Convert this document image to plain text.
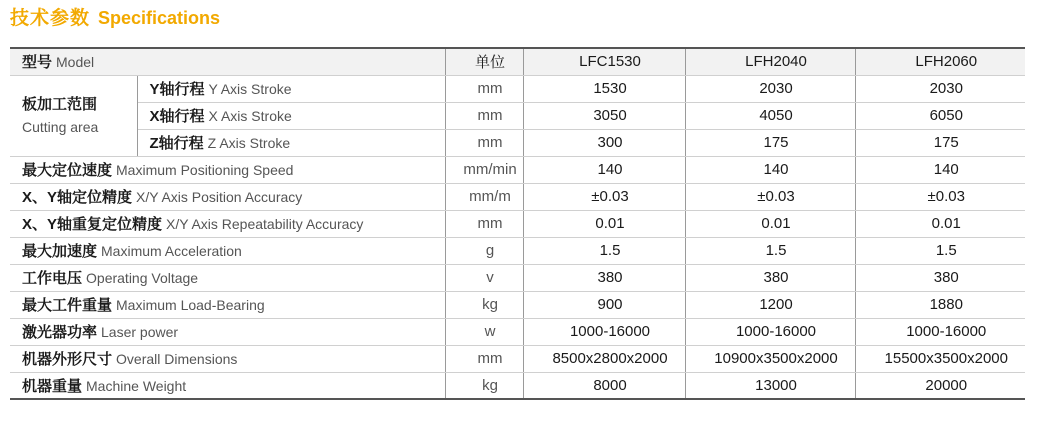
技术参数 Specifications
型号 Model		单位	LFC1530	LFH2040	LFH2060

板加工范围
Cutting area	Y轴行程 Y Axis Stroke	mm	1530	2030	2030
	X轴行程 X Axis Stroke	mm	3050	4050	6050
	Z轴行程 Z Axis Stroke	mm	300	175	175
最大定位速度 Maximum Positioning Speed		mm/min	140	140	140
X、Y轴定位精度 X/Y Axis Position Accuracy		mm/m	±0.03	±0.03	±0.03
X、Y轴重复定位精度 X/Y Axis Repeatability Accuracy		mm	0.01	0.01	0.01
最大加速度 Maximum Acceleration		g	1.5	1.5	1.5
工作电压 Operating Voltage		v	380	380	380
最大工件重量 Maximum Load-Bearing		kg	900	1200	1880
激光器功率 Laser power		w	1000-16000	1000-16000	1000-16000
机器外形尺寸 Overall Dimensions		mm	8500x2800x2000	10900x3500x2000	15500x3500x2000
机器重量 Machine Weight		kg	8000	13000	20000
